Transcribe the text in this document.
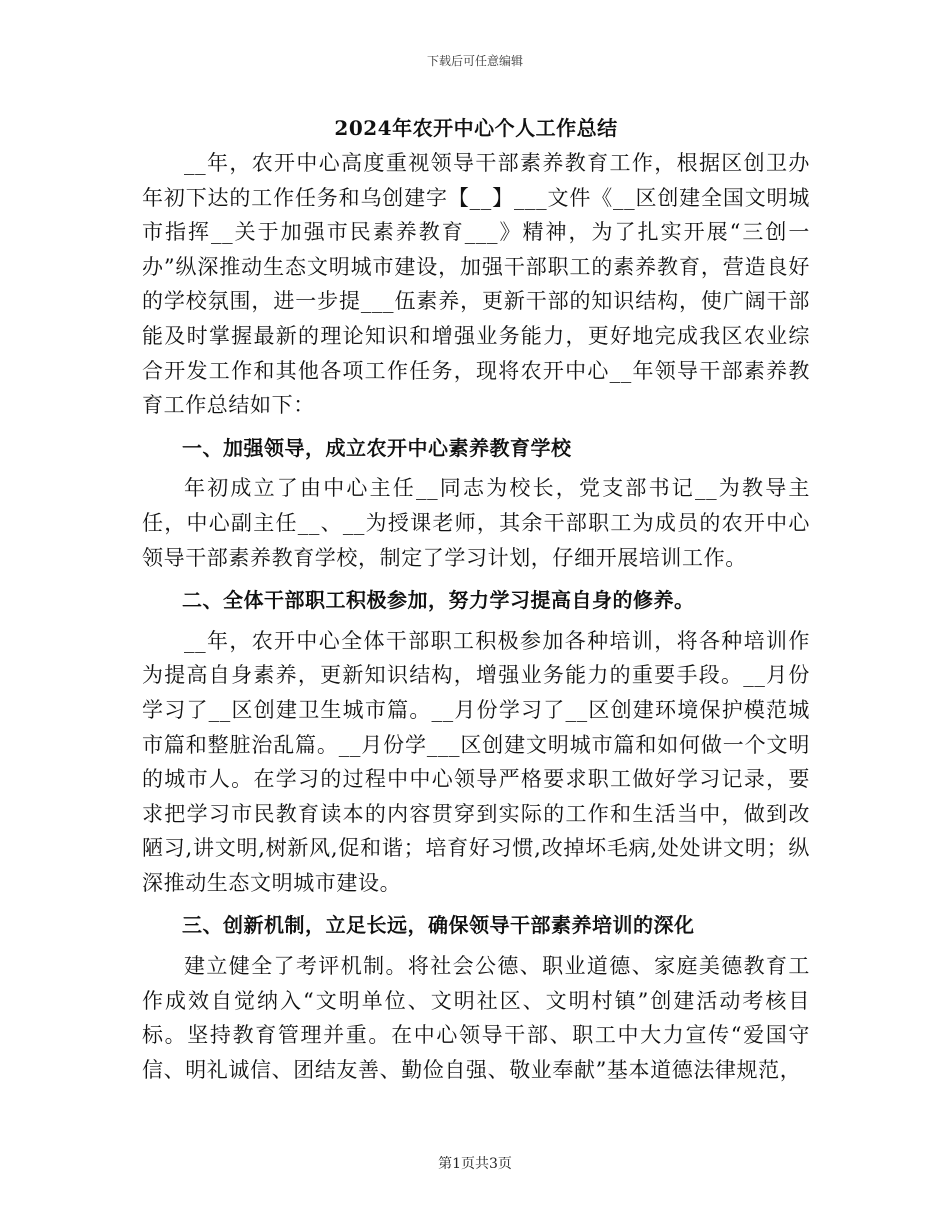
下载后可任意编辑
2024年农开中心个人工作总结

__年，农开中心高度重视领导干部素养教育工作，根据区创卫办年初下达的工作任务和乌创建字【__】___文件《__区创建全国文明城市指挥__关于加强市民素养教育___》精神，为了扎实开展“三创一办”纵深推动生态文明城市建设，加强干部职工的素养教育，营造良好的学校氛围，进一步提___伍素养，更新干部的知识结构，使广阔干部能及时掌握最新的理论知识和增强业务能力，更好地完成我区农业综合开发工作和其他各项工作任务，现将农开中心__年领导干部素养教育工作总结如下：

一、加强领导，成立农开中心素养教育学校

年初成立了由中心主任__同志为校长，党支部书记__为教导主任，中心副主任__、__为授课老师，其余干部职工为成员的农开中心领导干部素养教育学校，制定了学习计划，仔细开展培训工作。

二、全体干部职工积极参加，努力学习提高自身的修养。

__年，农开中心全体干部职工积极参加各种培训，将各种培训作为提高自身素养，更新知识结构，增强业务能力的重要手段。__月份学习了__区创建卫生城市篇。__月份学习了__区创建环境保护模范城市篇和整脏治乱篇。__月份学___区创建文明城市篇和如何做一个文明的城市人。在学习的过程中中心领导严格要求职工做好学习记录，要求把学习市民教育读本的内容贯穿到实际的工作和生活当中，做到改陋习,讲文明,树新风,促和谐；培育好习惯,改掉坏毛病,处处讲文明；纵深推动生态文明城市建设。

三、创新机制，立足长远，确保领导干部素养培训的深化

建立健全了考评机制。将社会公德、职业道德、家庭美德教育工作成效自觉纳入“文明单位、文明社区、文明村镇”创建活动考核目标。坚持教育管理并重。在中心领导干部、职工中大力宣传“爱国守信、明礼诚信、团结友善、勤俭自强、敬业奉献”基本道德法律规范，

第1页共3页
